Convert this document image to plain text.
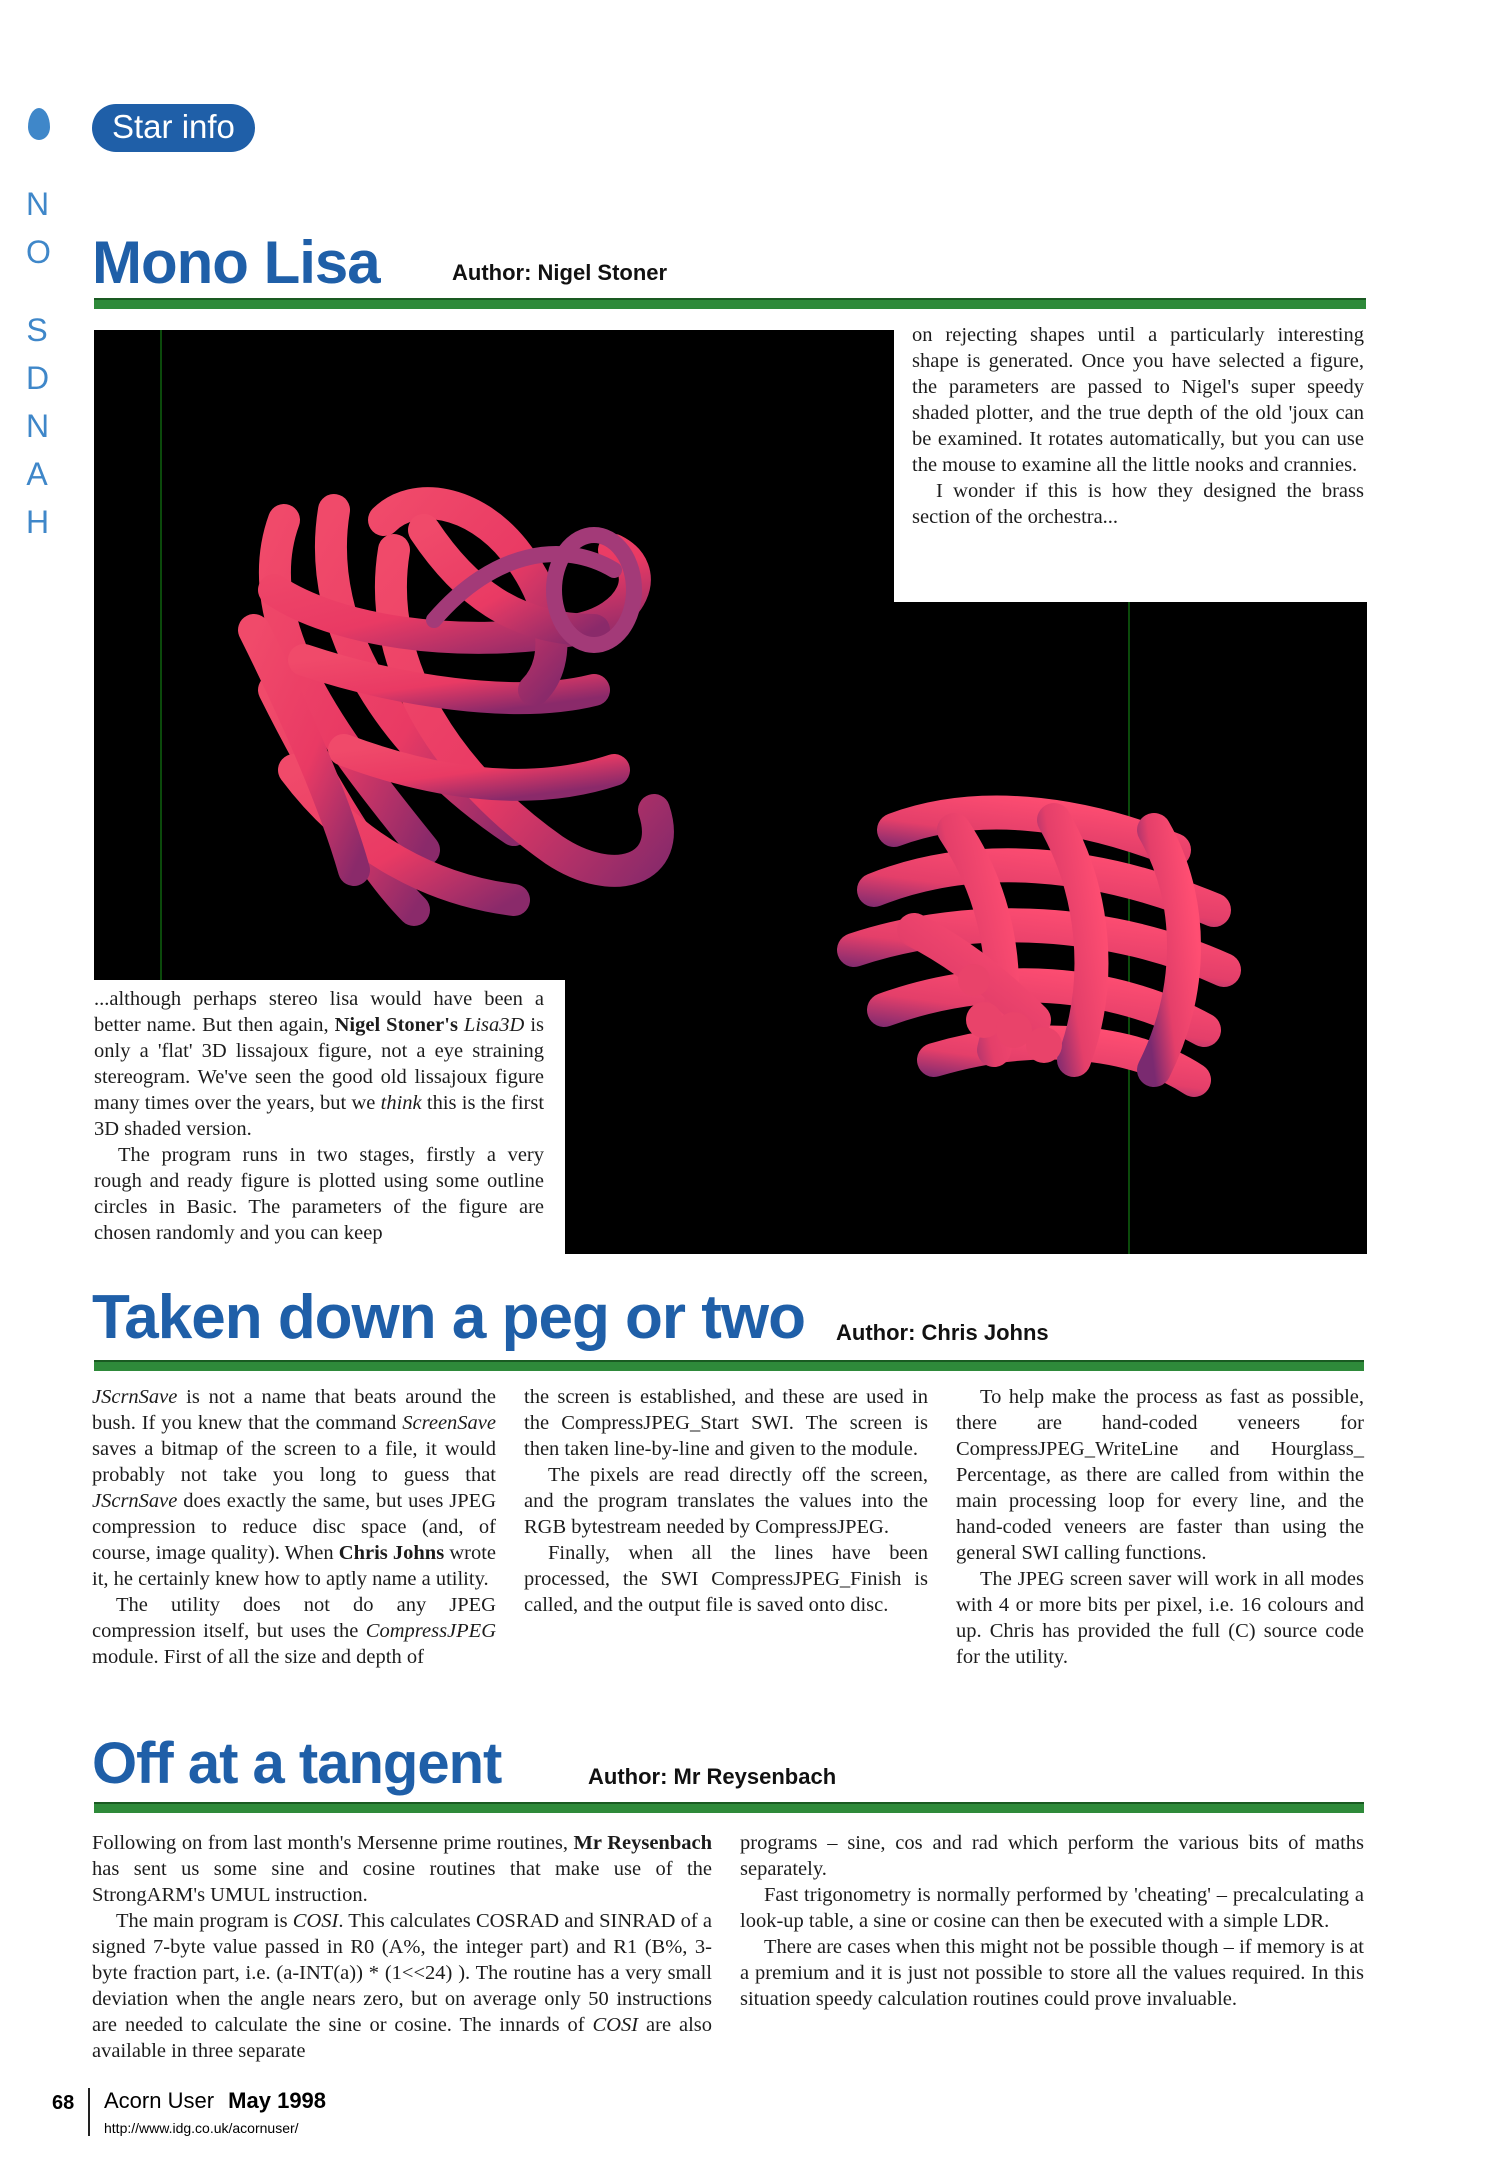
N
O
S
D
N
A
H
Star info
Mono Lisa	Author: Nigel Stoner

on rejecting shapes until a particularly interesting shape is generated. Once you have selected a figure, the parameters are passed to Nigel's super speedy shaded plotter, and the true depth of the old 'joux can be examined. It rotates automatically, but you can use the mouse to examine all the little nooks and crannies.

I wonder if this is how they designed the brass section of the orchestra...

...although perhaps stereo lisa would have been a better name. But then again, Nigel Stoner's Lisa3D is only a 'flat' 3D lissajoux figure, not a eye straining stereogram. We've seen the good old lissajoux figure many times over the years, but we think this is the first 3D shaded version.

The program runs in two stages, firstly a very rough and ready figure is plotted using some outline circles in Basic. The parameters of the figure are chosen randomly and you can keep

Taken down a peg or two Author: Chris Johns

JScrnSave is not a name that beats around the bush. If you knew that the command ScreenSave saves a bitmap of the screen to a file, it would probably not take you long to guess that JScrnSave does exactly the same, but uses JPEG compression to reduce disc space (and, of course, image quality). When Chris Johns wrote it, he certainly knew how to aptly name a utility.

The utility does not do any JPEG compression itself, but uses the CompressJPEG module. First of all the size and depth of

the screen is established, and these are used in the CompressJPEG_Start SWI. The screen is then taken line-by-line and given to the module.

The pixels are read directly off the screen, and the program translates the values into the RGB bytestream needed by CompressJPEG.

Finally, when all the lines have been processed, the SWI CompressJPEG_Finish is called, and the output file is saved onto disc.

To help make the process as fast as possible, there are hand-coded veneers for CompressJPEG_WriteLine and Hourglass_ Percentage, as there are called from within the main processing loop for every line, and the hand-coded veneers are faster than using the general SWI calling functions.

The JPEG screen saver will work in all modes with 4 or more bits per pixel, i.e. 16 colours and up. Chris has provided the full (C) source code for the utility.

Off at a tangent	Author: Mr Reysenbach

Following on from last month's Mersenne prime routines, Mr Reysenbach has sent us some sine and cosine routines that make use of the StrongARM's UMUL instruction.

The main program is COSI. This calculates COSRAD and SINRAD of a signed 7-byte value passed in R0 (A%, the integer part) and R1 (B%, 3-byte fraction part, i.e. (a-INT(a)) * (1<<24) ). The routine has a very small deviation when the angle nears zero, but on average only 50 instructions are needed to calculate the sine or cosine. The innards of COSI are also available in three separate

programs – sine, cos and rad which perform the various bits of maths separately.

Fast trigonometry is normally performed by 'cheating' – precalculating a look-up table, a sine or cosine can then be executed with a simple LDR.

There are cases when this might not be possible though – if memory is at a premium and it is just not possible to store all the values required. In this situation speedy calculation routines could prove invaluable.

68 Acorn User May 1998
http://www.idg.co.uk/acornuser/
